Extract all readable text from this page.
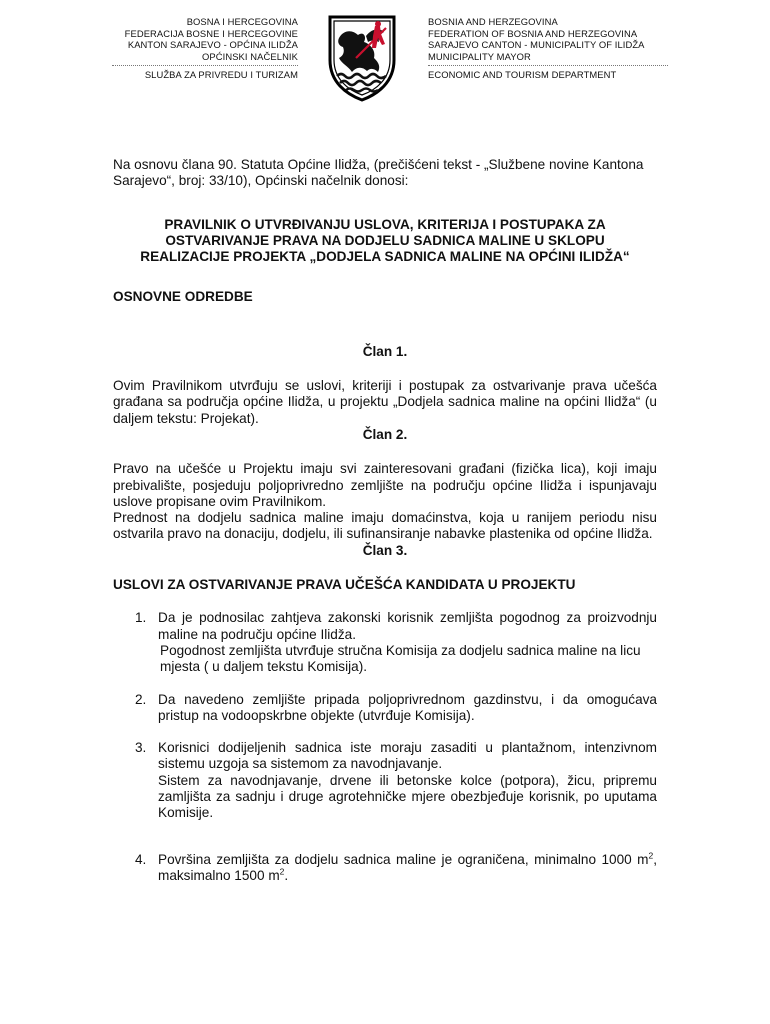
BOSNA I HERCEGOVINA
FEDERACIJA BOSNE I HERCEGOVINE
KANTON SARAJEVO - OPĆINA ILIDŽA
OPĆINSKI NAČELNIK
SLUŽBA ZA PRIVREDU I TURIZAM
BOSNIA AND HERZEGOVINA
FEDERATION OF BOSNIA AND HERZEGOVINA
SARAJEVO CANTON - MUNICIPALITY OF ILIDŽA
MUNICIPALITY MAYOR
ECONOMIC AND TOURISM DEPARTMENT

Na osnovu člana 90. Statuta Općine Ilidža, (prečišćeni tekst - „Službene novine Kantona Sarajevo“, broj: 33/10), Općinski načelnik donosi:

PRAVILNIK O UTVRĐIVANJU USLOVA, KRITERIJA I POSTUPAKA ZA
OSTVARIVANJE PRAVA NA DODJELU SADNICA MALINE U SKLOPU
REALIZACIJE PROJEKTA „DODJELA SADNICA MALINE NA OPĆINI ILIDŽA“
OSNOVNE ODREDBE
Član 1.

Ovim Pravilnikom utvrđuju se uslovi, kriteriji i postupak za ostvarivanje prava učešća građana sa područja općine Ilidža, u projektu „Dodjela sadnica maline na općini Ilidža“ (u daljem tekstu: Projekat).

Član 2.

Pravo na učešće u Projektu imaju svi zainteresovani građani (fizička lica), koji imaju prebivalište, posjeduju poljoprivredno zemljište na području općine Ilidža i ispunjavaju uslove propisane ovim Pravilnikom.

Prednost na dodjelu sadnica maline imaju domaćinstva, koja u ranijem periodu nisu ostvarila pravo na donaciju, dodjelu, ili sufinansiranje nabavke plastenika od općine Ilidža.

Član 3.
USLOVI ZA OSTVARIVANJE PRAVA UČEŠĆA KANDIDATA U PROJEKTU
1. Da je podnosilac zahtjeva zakonski korisnik zemljišta pogodnog za proizvodnju maline na području općine Ilidža.
Pogodnost zemljišta utvrđuje stručna Komisija za dodjelu sadnica maline na licu mjesta ( u daljem tekstu Komisija).
2. Da navedeno zemljište pripada poljoprivrednom gazdinstvu, i da omogućava pristup na vodoopskrbne objekte (utvrđuje Komisija).
3. Korisnici dodijeljenih sadnica iste moraju zasaditi u plantažnom, intenzivnom sistemu uzgoja sa sistemom za navodnjavanje.
Sistem za navodnjavanje, drvene ili betonske kolce (potpora), žicu, pripremu zamljišta za sadnju i druge agrotehničke mjere obezbjeđuje korisnik, po uputama Komisije.
4. Površina zemljišta za dodjelu sadnica maline je ograničena, minimalno 1000 $m^2$, maksimalno 1500 $m^2$.
